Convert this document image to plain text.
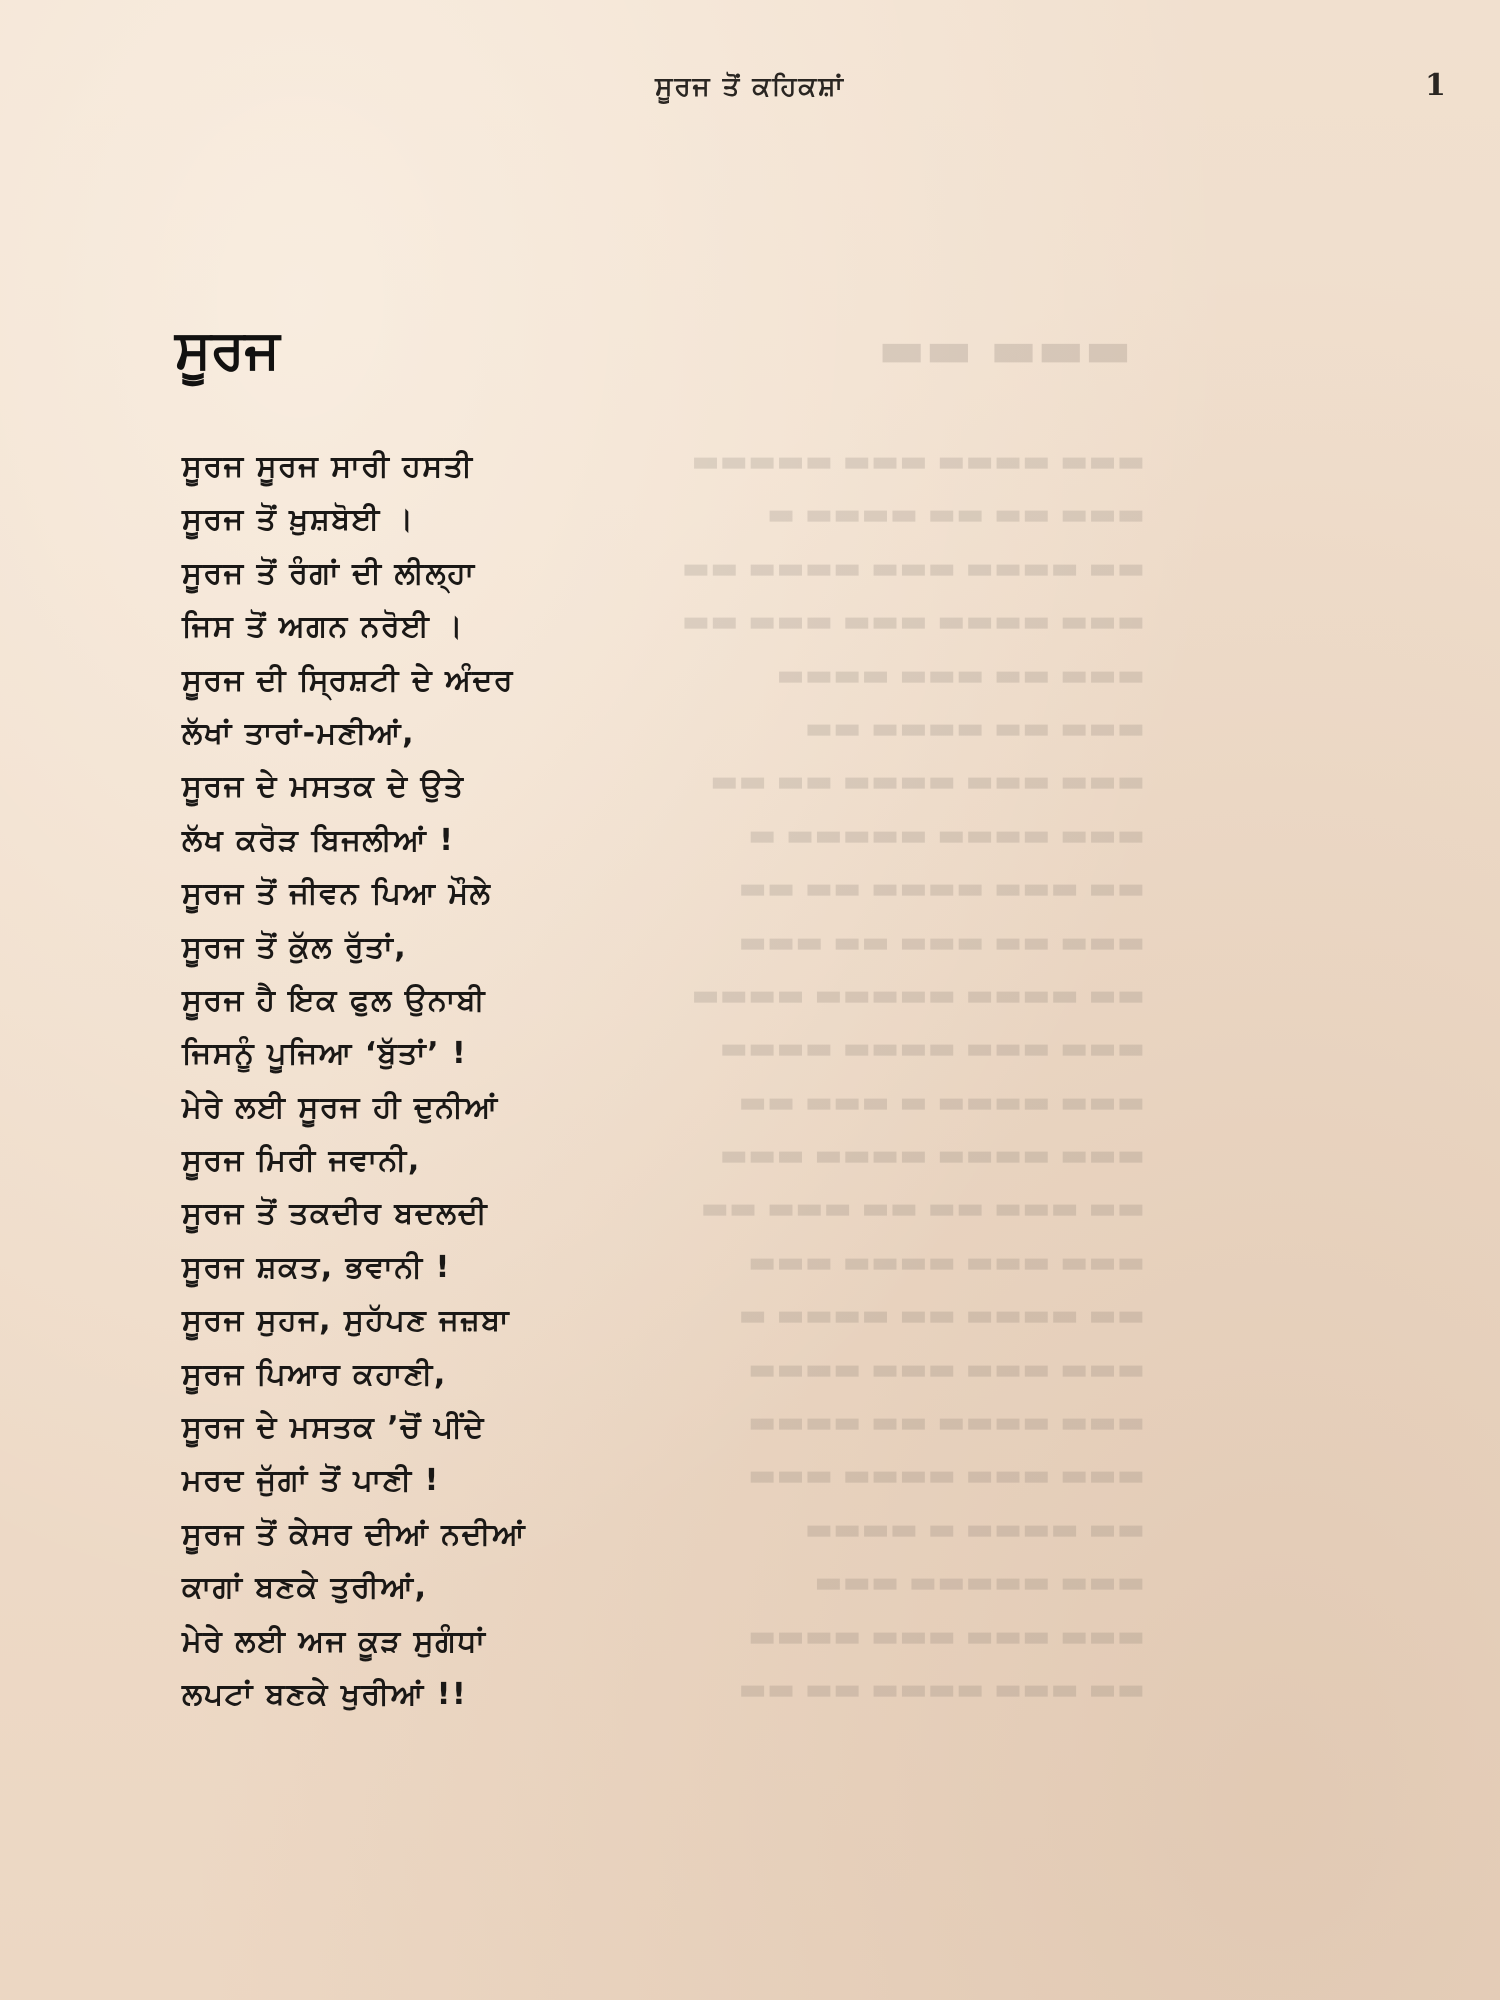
ਸੂਰਜ ਤੋਂ ਕਹਿਕਸ਼ਾਂ	1
▬▬▬ ▬▬
▬▬▬ ▬▬▬▬ ▬▬▬ ▬▬▬▬▬
▬▬▬ ▬▬ ▬▬ ▬▬▬▬ ▬
▬▬ ▬▬▬▬ ▬▬▬ ▬▬▬▬ ▬▬
▬▬▬ ▬▬▬▬ ▬▬▬ ▬▬▬ ▬▬
▬▬▬ ▬▬ ▬▬▬ ▬▬▬▬
▬▬▬ ▬▬ ▬▬▬▬ ▬▬
▬▬▬ ▬▬▬ ▬▬▬▬ ▬▬ ▬▬
▬▬▬ ▬▬▬▬ ▬▬▬▬▬ ▬
▬▬ ▬▬▬ ▬▬▬▬ ▬▬ ▬▬
▬▬▬ ▬▬ ▬▬▬ ▬▬ ▬▬▬
▬▬ ▬▬▬▬ ▬▬▬▬▬ ▬▬▬▬
▬▬▬ ▬▬▬ ▬▬▬▬ ▬▬▬▬
▬▬▬ ▬▬▬▬ ▬ ▬▬▬ ▬▬
▬▬▬ ▬▬▬▬ ▬▬▬▬ ▬▬▬
▬▬ ▬▬▬ ▬▬ ▬▬ ▬▬▬ ▬▬
▬▬▬ ▬▬▬ ▬▬▬▬ ▬▬▬
▬▬ ▬▬▬▬ ▬▬ ▬▬▬▬ ▬
▬▬▬ ▬▬▬ ▬▬▬ ▬▬▬▬
▬▬▬ ▬▬▬▬ ▬▬ ▬▬▬▬
▬▬▬ ▬▬▬ ▬▬▬▬ ▬▬▬
▬▬ ▬▬▬▬ ▬ ▬▬▬▬
▬▬▬ ▬▬▬▬▬ ▬▬▬
▬▬▬ ▬▬▬ ▬▬▬ ▬▬▬▬
▬▬ ▬▬▬ ▬▬▬▬ ▬▬ ▬▬
ਸੂਰਜ
ਸੂਰਜ ਸੂਰਜ ਸਾਰੀ ਹਸਤੀ
ਸੂਰਜ ਤੋਂ ਖ਼ੁਸ਼ਬੋਈ ।
ਸੂਰਜ ਤੋਂ ਰੰਗਾਂ ਦੀ ਲੀਲ੍ਹਾ
ਜਿਸ ਤੋਂ ਅਗਨ ਨਰੋਈ ।
ਸੂਰਜ ਦੀ ਸ੍ਰਿਸ਼ਟੀ ਦੇ ਅੰਦਰ
ਲੱਖਾਂ ਤਾਰਾਂ-ਮਣੀਆਂ,
ਸੂਰਜ ਦੇ ਮਸਤਕ ਦੇ ਉਤੇ
ਲੱਖ ਕਰੋੜ ਬਿਜਲੀਆਂ !
ਸੂਰਜ ਤੋਂ ਜੀਵਨ ਪਿਆ ਮੌਲੇ
ਸੂਰਜ ਤੋਂ ਕੁੱਲ ਰੁੱਤਾਂ,
ਸੂਰਜ ਹੈ ਇਕ ਫੁਲ ਉਨਾਬੀ
ਜਿਸਨੂੰ ਪੂਜਿਆ ‘ਬੁੱਤਾਂ’ !
ਮੇਰੇ ਲਈ ਸੂਰਜ ਹੀ ਦੁਨੀਆਂ
ਸੂਰਜ ਮਿਰੀ ਜਵਾਨੀ,
ਸੂਰਜ ਤੋਂ ਤਕਦੀਰ ਬਦਲਦੀ
ਸੂਰਜ ਸ਼ਕਤ, ਭਵਾਨੀ !
ਸੂਰਜ ਸੁਹਜ, ਸੁਹੱਪਣ ਜਜ਼ਬਾ
ਸੂਰਜ ਪਿਆਰ ਕਹਾਣੀ,
ਸੂਰਜ ਦੇ ਮਸਤਕ ’ਚੋਂ ਪੀਂਦੇ
ਮਰਦ ਜੁੱਗਾਂ ਤੋਂ ਪਾਣੀ !
ਸੂਰਜ ਤੋਂ ਕੇਸਰ ਦੀਆਂ ਨਦੀਆਂ
ਕਾਗਾਂ ਬਣਕੇ ਤੁਰੀਆਂ,
ਮੇਰੇ ਲਈ ਅਜ ਕੂੜ ਸੁਗੰਧਾਂ
ਲਪਟਾਂ ਬਣਕੇ ਖੁਰੀਆਂ !!
